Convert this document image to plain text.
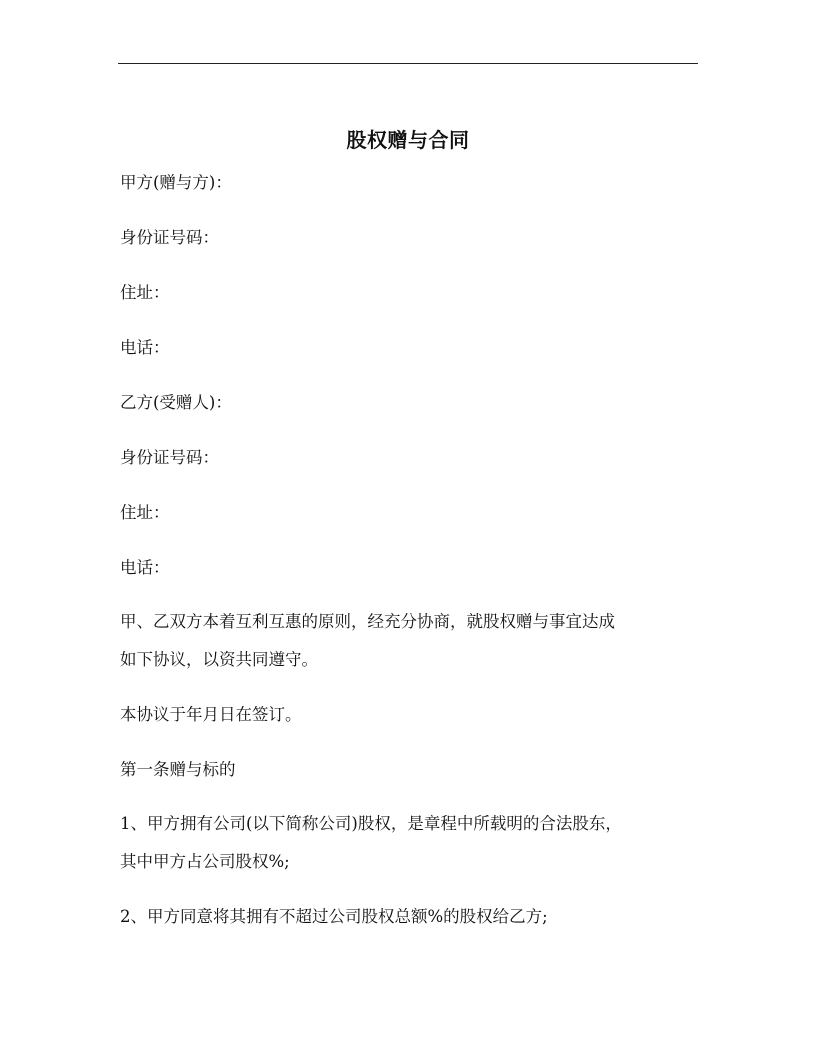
股权赠与合同
甲方(赠与方)：
身份证号码：
住址：
电话：
乙方(受赠人)：
身份证号码：
住址：
电话：
甲、乙双方本着互利互惠的原则，经充分协商，就股权赠与事宜达成
如下协议，以资共同遵守。
本协议于年月日在签订。
第一条赠与标的
1、甲方拥有公司(以下简称公司)股权，是章程中所载明的合法股东，
其中甲方占公司股权%;
2、甲方同意将其拥有不超过公司股权总额%的股权给乙方;
